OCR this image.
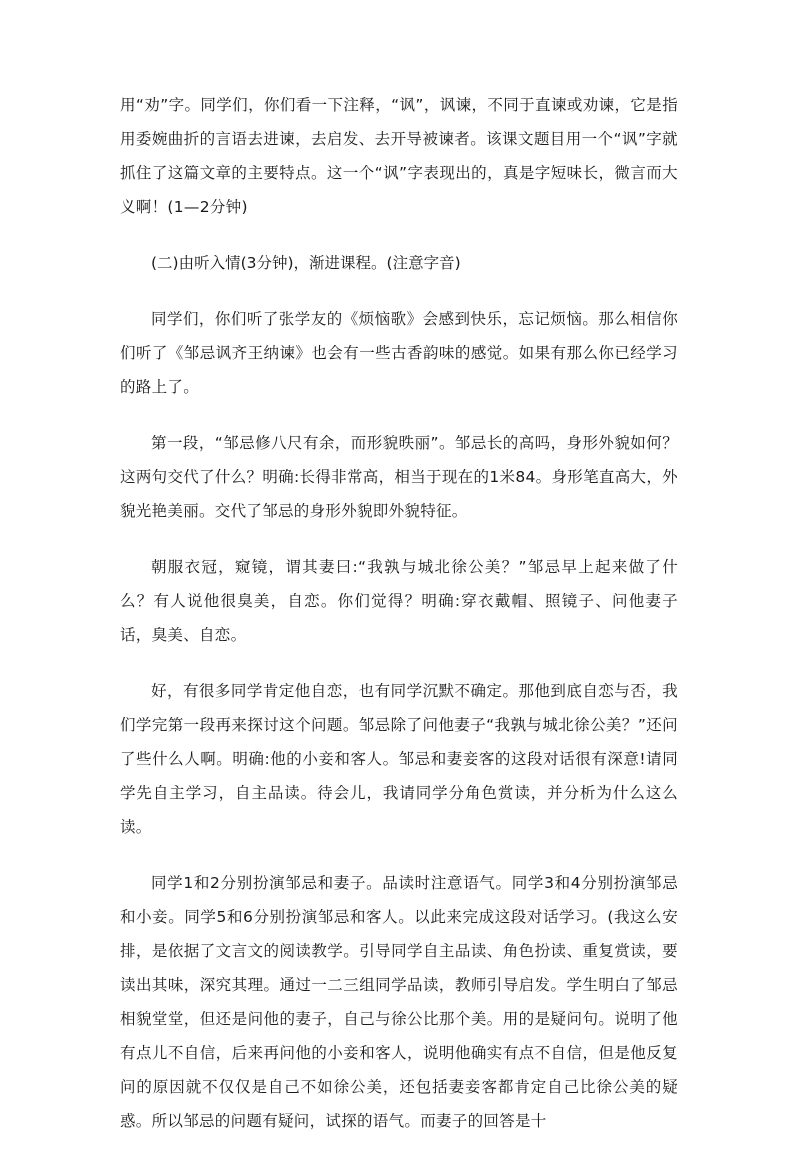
用“劝”字。同学们，你们看一下注释，“讽”，讽谏，不同于直谏或劝谏，它是指用委婉曲折的言语去进谏，去启发、去开导被谏者。该课文题目用一个“讽”字就抓住了这篇文章的主要特点。这一个“讽”字表现出的，真是字短味长，微言而大义啊！(1—2分钟)

(二)由听入情(3分钟)，渐进课程。(注意字音)

同学们，你们听了张学友的《烦恼歌》会感到快乐，忘记烦恼。那么相信你们听了《邹忌讽齐王纳谏》也会有一些古香韵味的感觉。如果有那么你已经学习的路上了。

第一段，“邹忌修八尺有余，而形貌昳丽”。邹忌长的高吗，身形外貌如何？这两句交代了什么？明确:长得非常高，相当于现在的1米84。身形笔直高大，外貌光艳美丽。交代了邹忌的身形外貌即外貌特征。

朝服衣冠，窥镜，谓其妻曰:“我孰与城北徐公美？”邹忌早上起来做了什么？有人说他很臭美，自恋。你们觉得？明确:穿衣戴帽、照镜子、问他妻子话，臭美、自恋。

好，有很多同学肯定他自恋，也有同学沉默不确定。那他到底自恋与否，我们学完第一段再来探讨这个问题。邹忌除了问他妻子“我孰与城北徐公美？”还问了些什么人啊。明确:他的小妾和客人。邹忌和妻妾客的这段对话很有深意!请同学先自主学习，自主品读。待会儿，我请同学分角色赏读，并分析为什么这么读。

同学1和2分别扮演邹忌和妻子。品读时注意语气。同学3和4分别扮演邹忌和小妾。同学5和6分别扮演邹忌和客人。以此来完成这段对话学习。(我这么安排，是依据了文言文的阅读教学。引导同学自主品读、角色扮读、重复赏读，要读出其味，深究其理。通过一二三组同学品读，教师引导启发。学生明白了邹忌相貌堂堂，但还是问他的妻子，自己与徐公比那个美。用的是疑问句。说明了他有点儿不自信，后来再问他的小妾和客人，说明他确实有点不自信，但是他反复问的原因就不仅仅是自己不如徐公美，还包括妻妾客都肯定自己比徐公美的疑惑。所以邹忌的问题有疑问，试探的语气。而妻子的回答是十
